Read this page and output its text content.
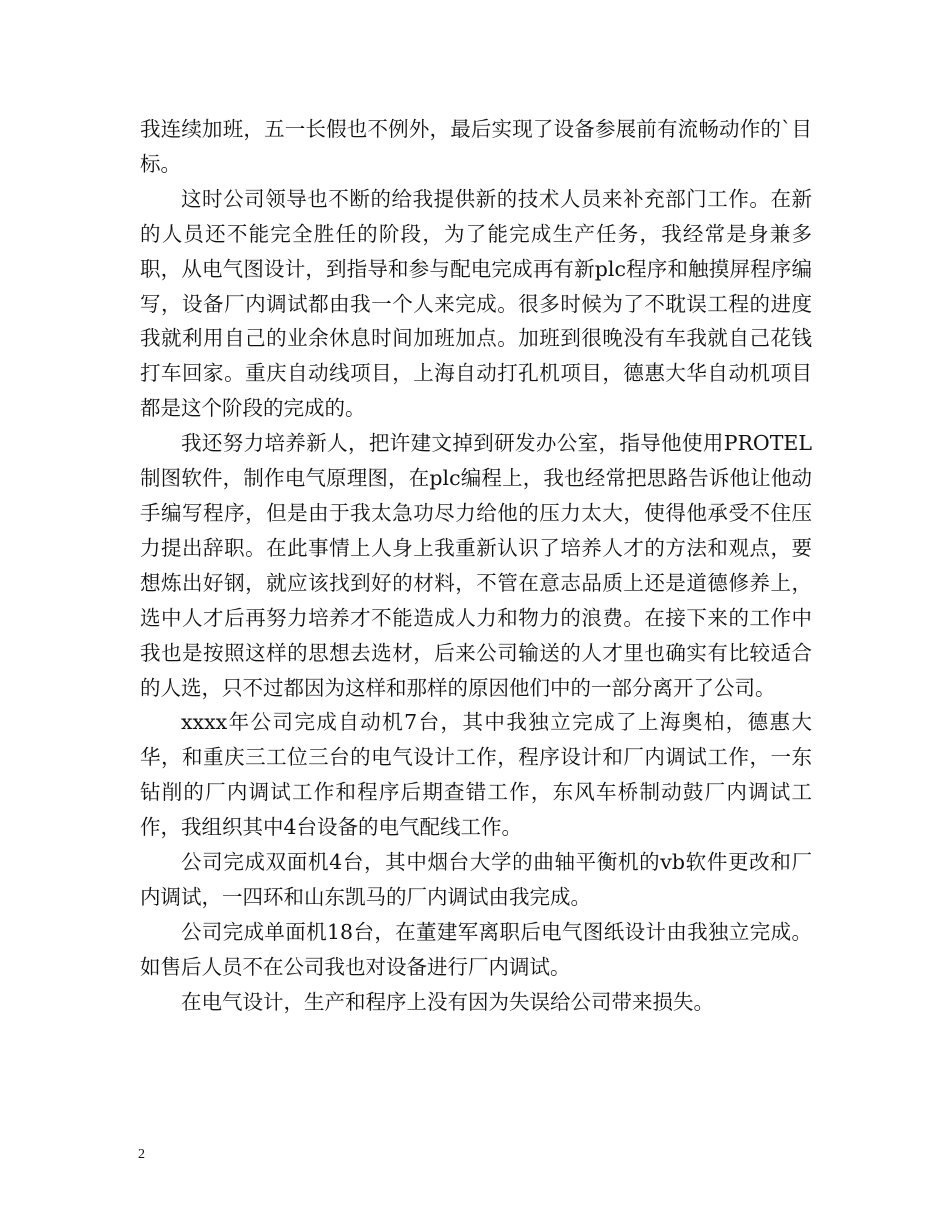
我连续加班，五一长假也不例外，最后实现了设备参展前有流畅动作的`目标。

这时公司领导也不断的给我提供新的技术人员来补充部门工作。在新的人员还不能完全胜任的阶段，为了能完成生产任务，我经常是身兼多职，从电气图设计，到指导和参与配电完成再有新plc程序和触摸屏程序编写，设备厂内调试都由我一个人来完成。很多时候为了不耽误工程的进度我就利用自己的业余休息时间加班加点。加班到很晚没有车我就自己花钱打车回家。重庆自动线项目，上海自动打孔机项目，德惠大华自动机项目都是这个阶段的完成的。

我还努力培养新人，把许建文掉到研发办公室，指导他使用PROTEL制图软件，制作电气原理图，在plc编程上，我也经常把思路告诉他让他动手编写程序，但是由于我太急功尽力给他的压力太大，使得他承受不住压力提出辞职。在此事情上人身上我重新认识了培养人才的方法和观点，要想炼出好钢，就应该找到好的材料，不管在意志品质上还是道德修养上，选中人才后再努力培养才不能造成人力和物力的浪费。在接下来的工作中我也是按照这样的思想去选材，后来公司输送的人才里也确实有比较适合的人选，只不过都因为这样和那样的原因他们中的一部分离开了公司。

xxxx年公司完成自动机7台，其中我独立完成了上海奥柏，德惠大华，和重庆三工位三台的电气设计工作，程序设计和厂内调试工作，一东钻削的厂内调试工作和程序后期查错工作，东风车桥制动鼓厂内调试工作，我组织其中4台设备的电气配线工作。

公司完成双面机4台，其中烟台大学的曲轴平衡机的vb软件更改和厂内调试，一四环和山东凯马的厂内调试由我完成。

公司完成单面机18台，在董建军离职后电气图纸设计由我独立完成。如售后人员不在公司我也对设备进行厂内调试。

在电气设计，生产和程序上没有因为失误给公司带来损失。

2
